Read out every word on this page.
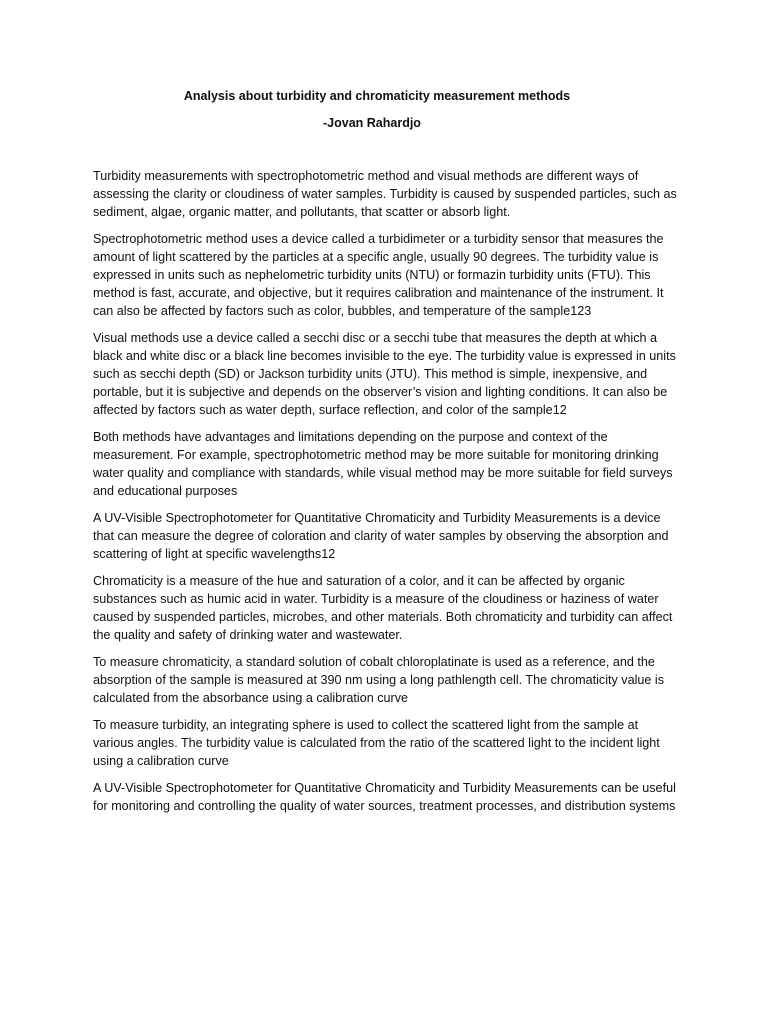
Analysis about turbidity and chromaticity measurement methods
-Jovan Rahardjo

Turbidity measurements with spectrophotometric method and visual methods are different ways of assessing the clarity or cloudiness of water samples. Turbidity is caused by suspended particles, such as sediment, algae, organic matter, and pollutants, that scatter or absorb light.

Spectrophotometric method uses a device called a turbidimeter or a turbidity sensor that measures the amount of light scattered by the particles at a specific angle, usually 90 degrees. The turbidity value is expressed in units such as nephelometric turbidity units (NTU) or formazin turbidity units (FTU). This method is fast, accurate, and objective, but it requires calibration and maintenance of the instrument. It can also be affected by factors such as color, bubbles, and temperature of the sample123

Visual methods use a device called a secchi disc or a secchi tube that measures the depth at which a black and white disc or a black line becomes invisible to the eye. The turbidity value is expressed in units such as secchi depth (SD) or Jackson turbidity units (JTU). This method is simple, inexpensive, and portable, but it is subjective and depends on the observer’s vision and lighting conditions. It can also be affected by factors such as water depth, surface reflection, and color of the sample12

Both methods have advantages and limitations depending on the purpose and context of the measurement. For example, spectrophotometric method may be more suitable for monitoring drinking water quality and compliance with standards, while visual method may be more suitable for field surveys and educational purposes

A UV-Visible Spectrophotometer for Quantitative Chromaticity and Turbidity Measurements is a device that can measure the degree of coloration and clarity of water samples by observing the absorption and scattering of light at specific wavelengths12

Chromaticity is a measure of the hue and saturation of a color, and it can be affected by organic substances such as humic acid in water. Turbidity is a measure of the cloudiness or haziness of water caused by suspended particles, microbes, and other materials. Both chromaticity and turbidity can affect the quality and safety of drinking water and wastewater.

To measure chromaticity, a standard solution of cobalt chloroplatinate is used as a reference, and the absorption of the sample is measured at 390 nm using a long pathlength cell. The chromaticity value is calculated from the absorbance using a calibration curve

To measure turbidity, an integrating sphere is used to collect the scattered light from the sample at various angles. The turbidity value is calculated from the ratio of the scattered light to the incident light using a calibration curve

A UV-Visible Spectrophotometer for Quantitative Chromaticity and Turbidity Measurements can be useful for monitoring and controlling the quality of water sources, treatment processes, and distribution systems
